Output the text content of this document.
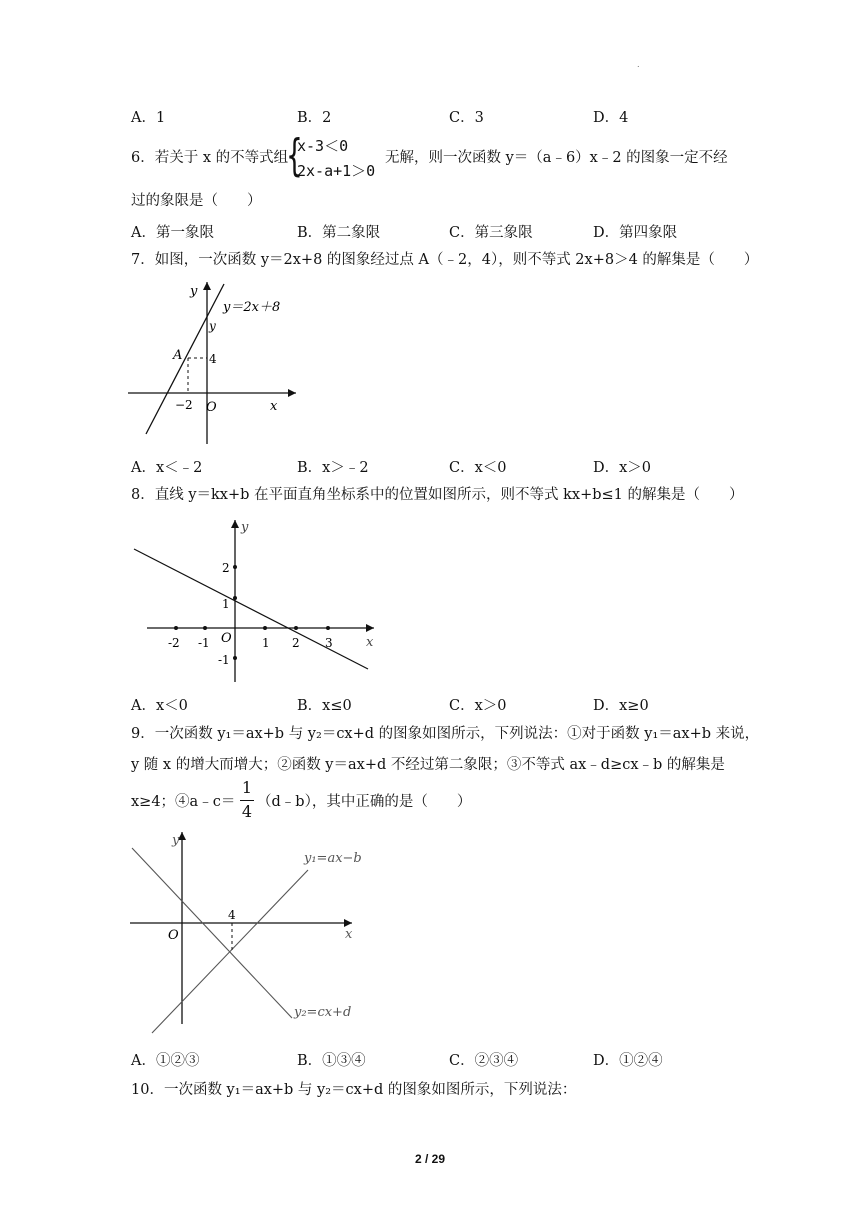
.
A．1	B．2	C．3	D．4
6．若关于 x 的不等式组
{
x-3＜0
2x-a+1＞0
无解，则一次函数 y＝（a﹣6）x﹣2 的图象一定不经
过的象限是（　　）
A．第一象限	B．第二象限	C．第三象限	D．第四象限
7．如图，一次函数 y＝2x+8 的图象经过点 A（﹣2，4），则不等式 2x+8＞4 的解集是（　　）
y
x
O
y＝2x＋8
y
A 4
−2
A．x＜﹣2	B．x＞﹣2	C．x＜0	D．x＞0
8．直线 y＝kx+b 在平面直角坐标系中的位置如图所示，则不等式 kx+b≤1 的解集是（　　）
y
x
O
-2 -1	1 2 3
2
1
-1
A．x＜0	B．x≤0	C．x＞0	D．x≥0
9．一次函数 y₁＝ax+b 与 y₂＝cx+d 的图象如图所示，下列说法：①对于函数 y₁＝ax+b 来说，
y 随 x 的增大而增大；②函数 y＝ax+d 不经过第二象限；③不等式 ax﹣d≥cx﹣b 的解集是
x≥4；④a﹣c＝
1
4 （d﹣b），其中正确的是（　　）
y
x
O
4
y₁=ax−b
y₂=cx+d
A．①②③	B．①③④	C．②③④	D．①②④
10．一次函数 y₁＝ax+b 与 y₂＝cx+d 的图象如图所示，下列说法：
2 / 29
